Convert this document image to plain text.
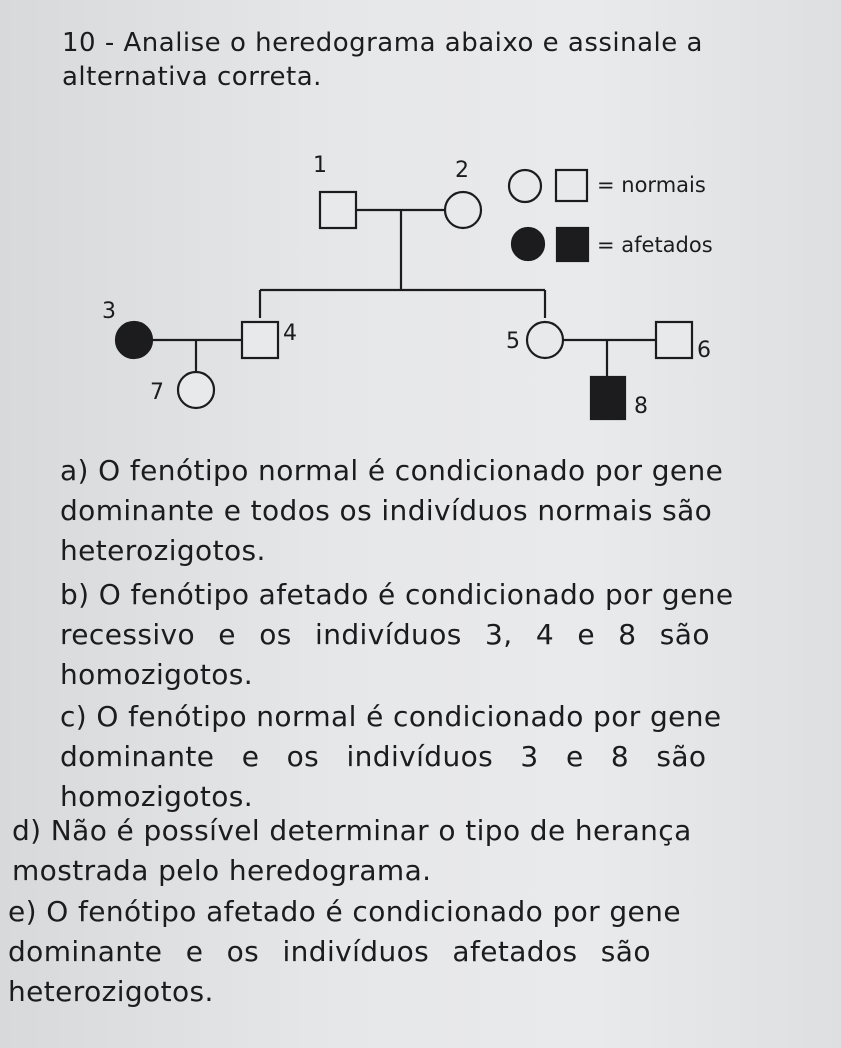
10 - Analise o heredograma abaixo e assinale a
alternativa correta.
1	2
3
4	5	6
7
8
= normais
= afetados
a) O fenótipo normal é condicionado por gene
dominante e todos os indivíduos normais são
heterozigotos.
b) O fenótipo afetado é condicionado por gene
recessivo e os indivíduos 3, 4 e 8 são
homozigotos.
c) O fenótipo normal é condicionado por gene
dominante e os indivíduos 3 e 8 são
homozigotos.
d) Não é possível determinar o tipo de herança
mostrada pelo heredograma.
e) O fenótipo afetado é condicionado por gene
dominante e os indivíduos afetados são
heterozigotos.
